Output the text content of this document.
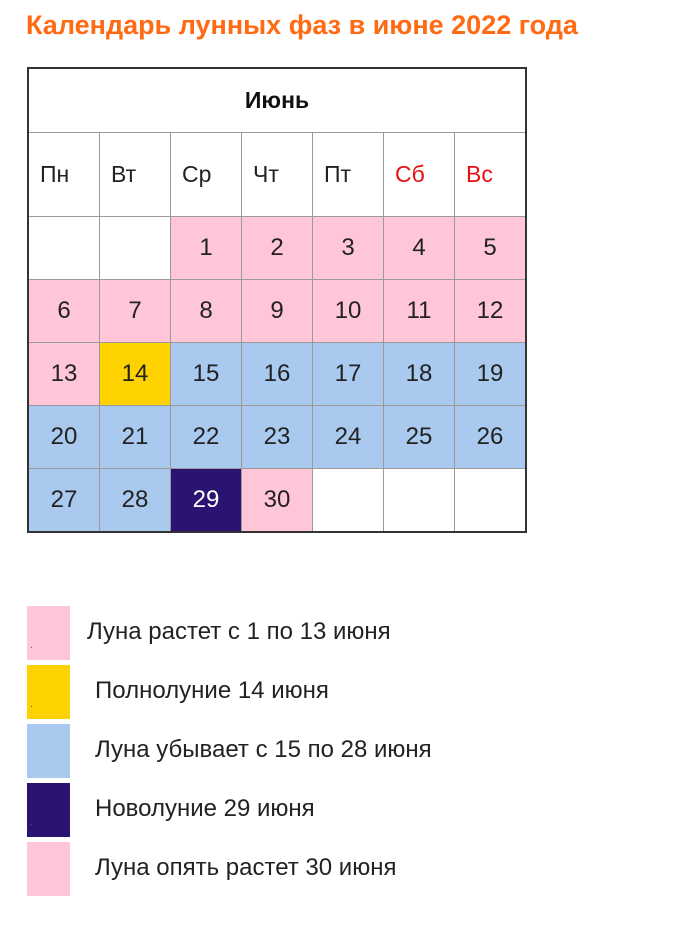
Календарь лунных фаз в июне 2022 года
Июнь						
Пн	Вт	Ср	Чт	Пт	Сб	Вс
		1	2	3	4	5
6	7	8	9	10	11	12
13	14	15	16	17	18	19
20	21	22	23	24	25	26
27	28	29	30			
.
Луна растет с 1 по 13 июня
.
Полнолуние 14 июня
Луна убывает с 15 по 28 июня
.
Новолуние 29 июня
Луна опять растет 30 июня
